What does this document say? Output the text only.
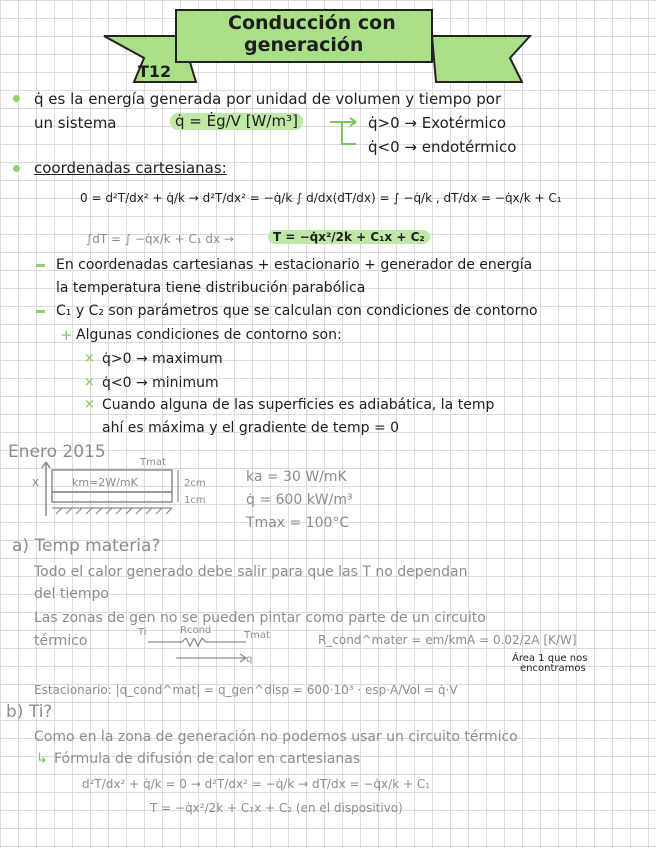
T12
Conducción con
generación
q̇ es la energía generada por unidad de volumen y tiempo por
un sistema	q̇ = Ėg/V [W/m³]	q̇>0 → Exotérmico
q̇<0 → endotérmico
coordenadas cartesianas:
0 = d²T/dx² + q̇/k → d²T/dx² = −q̇/k ∫ d/dx(dT/dx) = ∫ −q̇/k , dT/dx = −q̇x/k + C₁
∫dT = ∫ −q̇x/k + C₁ dx →	T = −q̇x²/2k + C₁x + C₂
En coordenadas cartesianas + estacionario + generador de energía
la temperatura tiene distribución parabólica
C₁ y C₂ son parámetros que se calculan con condiciones de contorno
+ Algunas condiciones de contorno son:
× q̇>0 → maximum
× q̇<0 → minimum
× Cuando alguna de las superficies es adiabática, la temp
ahí es máxima y el gradiente de temp = 0
Enero 2015
x
Tmat
km=2W/mK	2cm
1cm
ka = 30 W/mK
q̇ = 600 kW/m³
Tmax = 100°C
a) Temp materia?
Todo el calor generado debe salir para que las T no dependan
del tiempo
Las zonas de gen no se pueden pintar como parte de un circuito
térmico
Ti	Rcond	Tmat
q
R_cond^mater = em/kmA = 0.02/2A [K/W]
Área 1 que nos
encontramos
Estacionario: |q_cond^mat| = q_gen^disp = 600·10³ · esp·A/Vol = q̇·V
b) Ti?
Como en la zona de generación no podemos usar un circuito térmico
↳ Fórmula de difusión de calor en cartesianas
d²T/dx² + q̇/k = 0 → d²T/dx² = −q̇/k → dT/dx = −q̇x/k + C₁
T = −q̇x²/2k + C₁x + C₂ (en el dispositivo)
